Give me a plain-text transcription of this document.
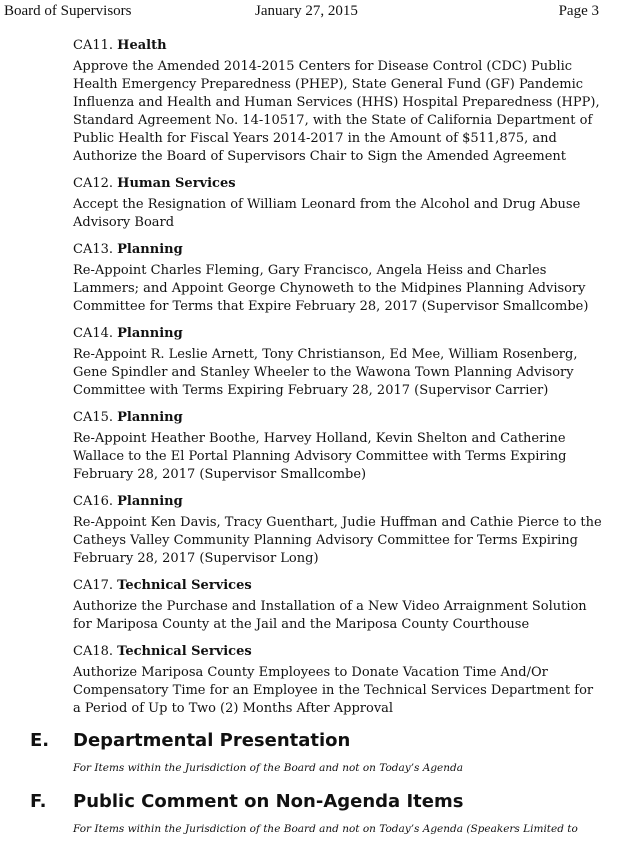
Board of Supervisors	January 27, 2015	Page 3
CA11. Health

Approve the Amended 2014-2015 Centers for Disease Control (CDC) Public Health Emergency Preparedness (PHEP), State General Fund (GF) Pandemic Influenza and Health and Human Services (HHS) Hospital Preparedness (HPP), Standard Agreement No. 14-10517, with the State of California Department of Public Health for Fiscal Years 2014-2017 in the Amount of $511,875, and Authorize the Board of Supervisors Chair to Sign the Amended Agreement

CA12. Human Services

Accept the Resignation of William Leonard from the Alcohol and Drug Abuse Advisory Board

CA13. Planning

Re-Appoint Charles Fleming, Gary Francisco, Angela Heiss and Charles Lammers; and Appoint George Chynoweth to the Midpines Planning Advisory Committee for Terms that Expire February 28, 2017 (Supervisor Smallcombe)

CA14. Planning

Re-Appoint R. Leslie Arnett, Tony Christianson, Ed Mee, William Rosenberg, Gene Spindler and Stanley Wheeler to the Wawona Town Planning Advisory Committee with Terms Expiring February 28, 2017 (Supervisor Carrier)

CA15. Planning

Re-Appoint Heather Boothe, Harvey Holland, Kevin Shelton and Catherine Wallace to the El Portal Planning Advisory Committee with Terms Expiring February 28, 2017 (Supervisor Smallcombe)

CA16. Planning

Re-Appoint Ken Davis, Tracy Guenthart, Judie Huffman and Cathie Pierce to the Catheys Valley Community Planning Advisory Committee for Terms Expiring February 28, 2017 (Supervisor Long)

CA17. Technical Services

Authorize the Purchase and Installation of a New Video Arraignment Solution for Mariposa County at the Jail and the Mariposa County Courthouse

CA18. Technical Services

Authorize Mariposa County Employees to Donate Vacation Time And/Or Compensatory Time for an Employee in the Technical Services Department for a Period of Up to Two (2) Months After Approval

E. Departmental Presentation
For Items within the Jurisdiction of the Board and not on Today’s Agenda
F. Public Comment on Non-Agenda Items
For Items within the Jurisdiction of the Board and not on Today’s Agenda (Speakers Limited to
